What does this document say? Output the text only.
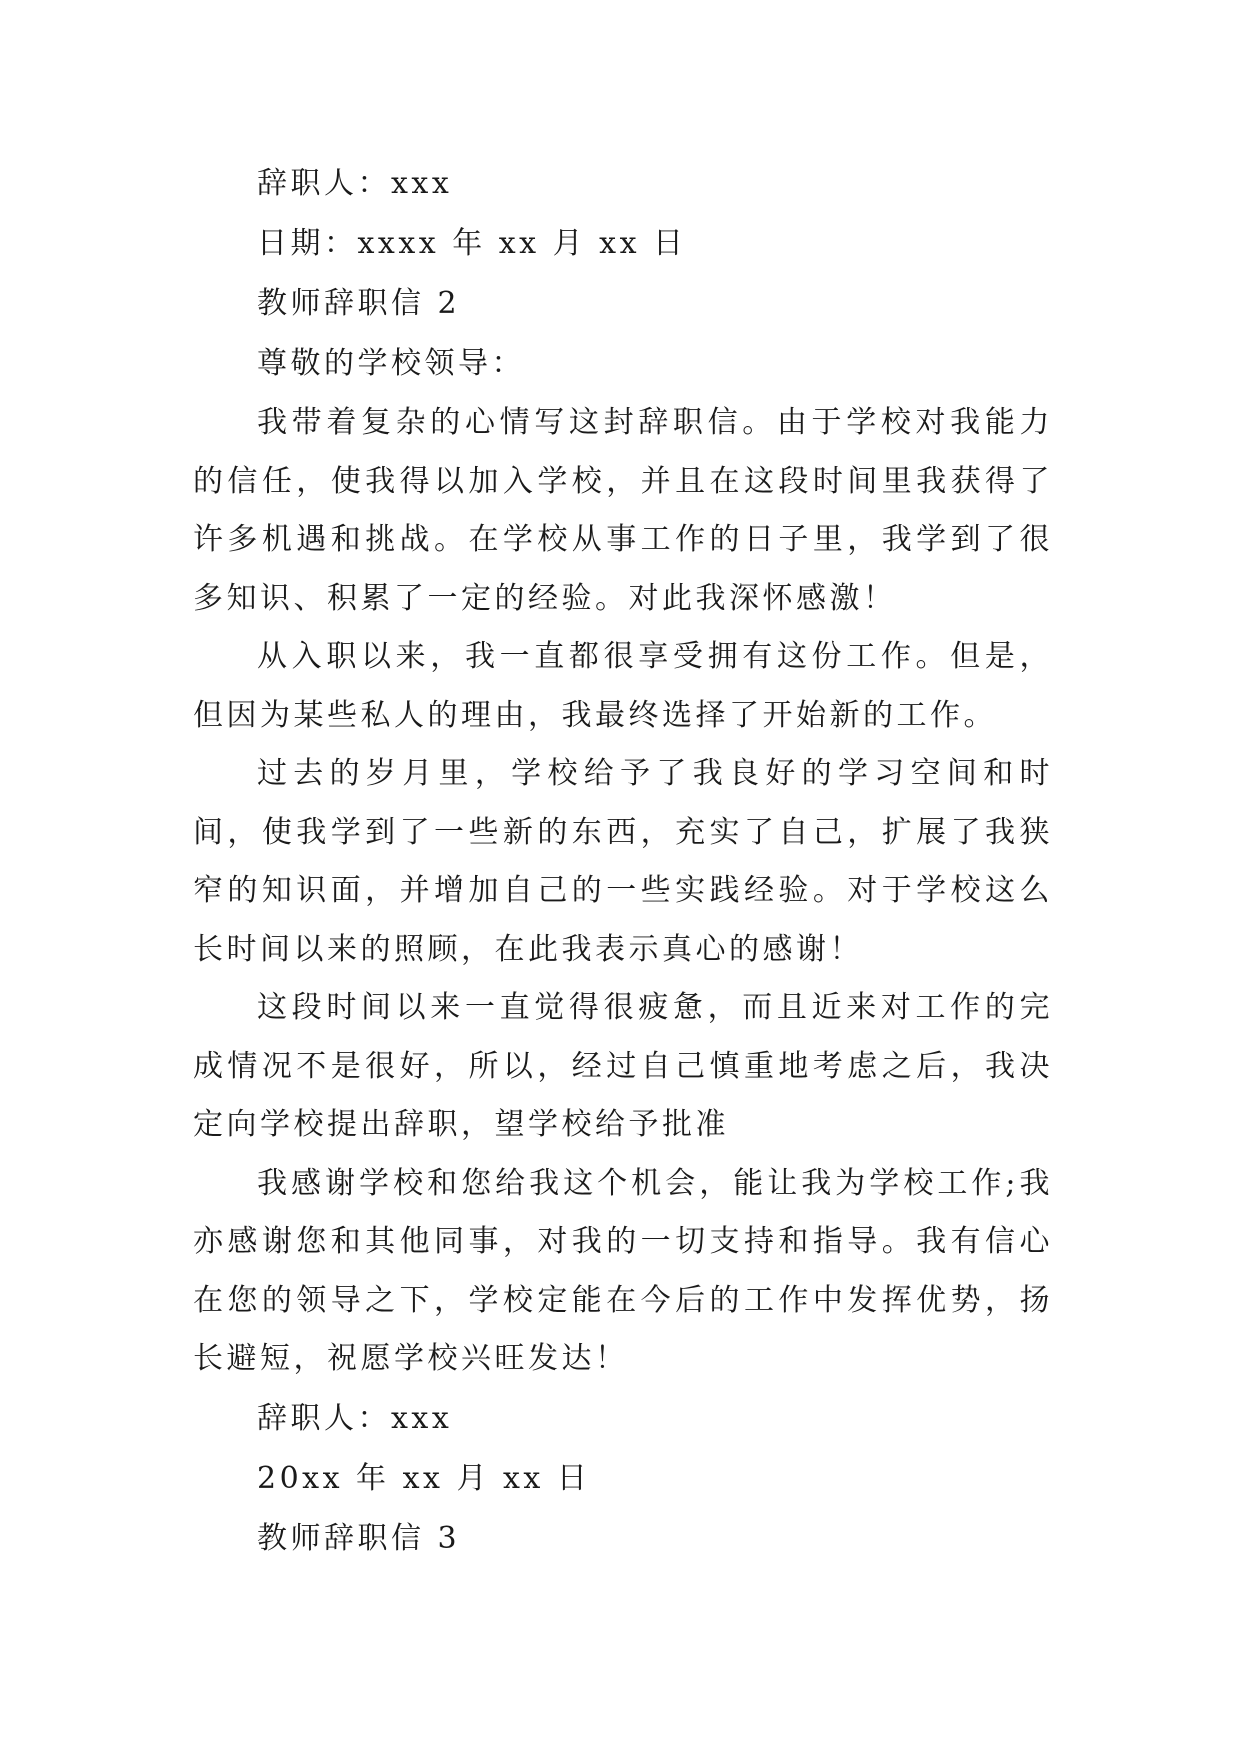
辞职人：xxx

日期：xxxx 年 xx 月 xx 日

教师辞职信 2

尊敬的学校领导：

我带着复杂的心情写这封辞职信。由于学校对我能力的信任，使我得以加入学校，并且在这段时间里我获得了许多机遇和挑战。在学校从事工作的日子里，我学到了很多知识、积累了一定的经验。对此我深怀感激！

从入职以来，我一直都很享受拥有这份工作。但是，但因为某些私人的理由，我最终选择了开始新的工作。

过去的岁月里，学校给予了我良好的学习空间和时间，使我学到了一些新的东西，充实了自己，扩展了我狭窄的知识面，并增加自己的一些实践经验。对于学校这么长时间以来的照顾，在此我表示真心的感谢！

这段时间以来一直觉得很疲惫，而且近来对工作的完成情况不是很好，所以，经过自己慎重地考虑之后，我决定向学校提出辞职，望学校给予批准

我感谢学校和您给我这个机会，能让我为学校工作;我亦感谢您和其他同事，对我的一切支持和指导。我有信心在您的领导之下，学校定能在今后的工作中发挥优势，扬长避短，祝愿学校兴旺发达！

辞职人：xxx

20xx 年 xx 月 xx 日

教师辞职信 3
